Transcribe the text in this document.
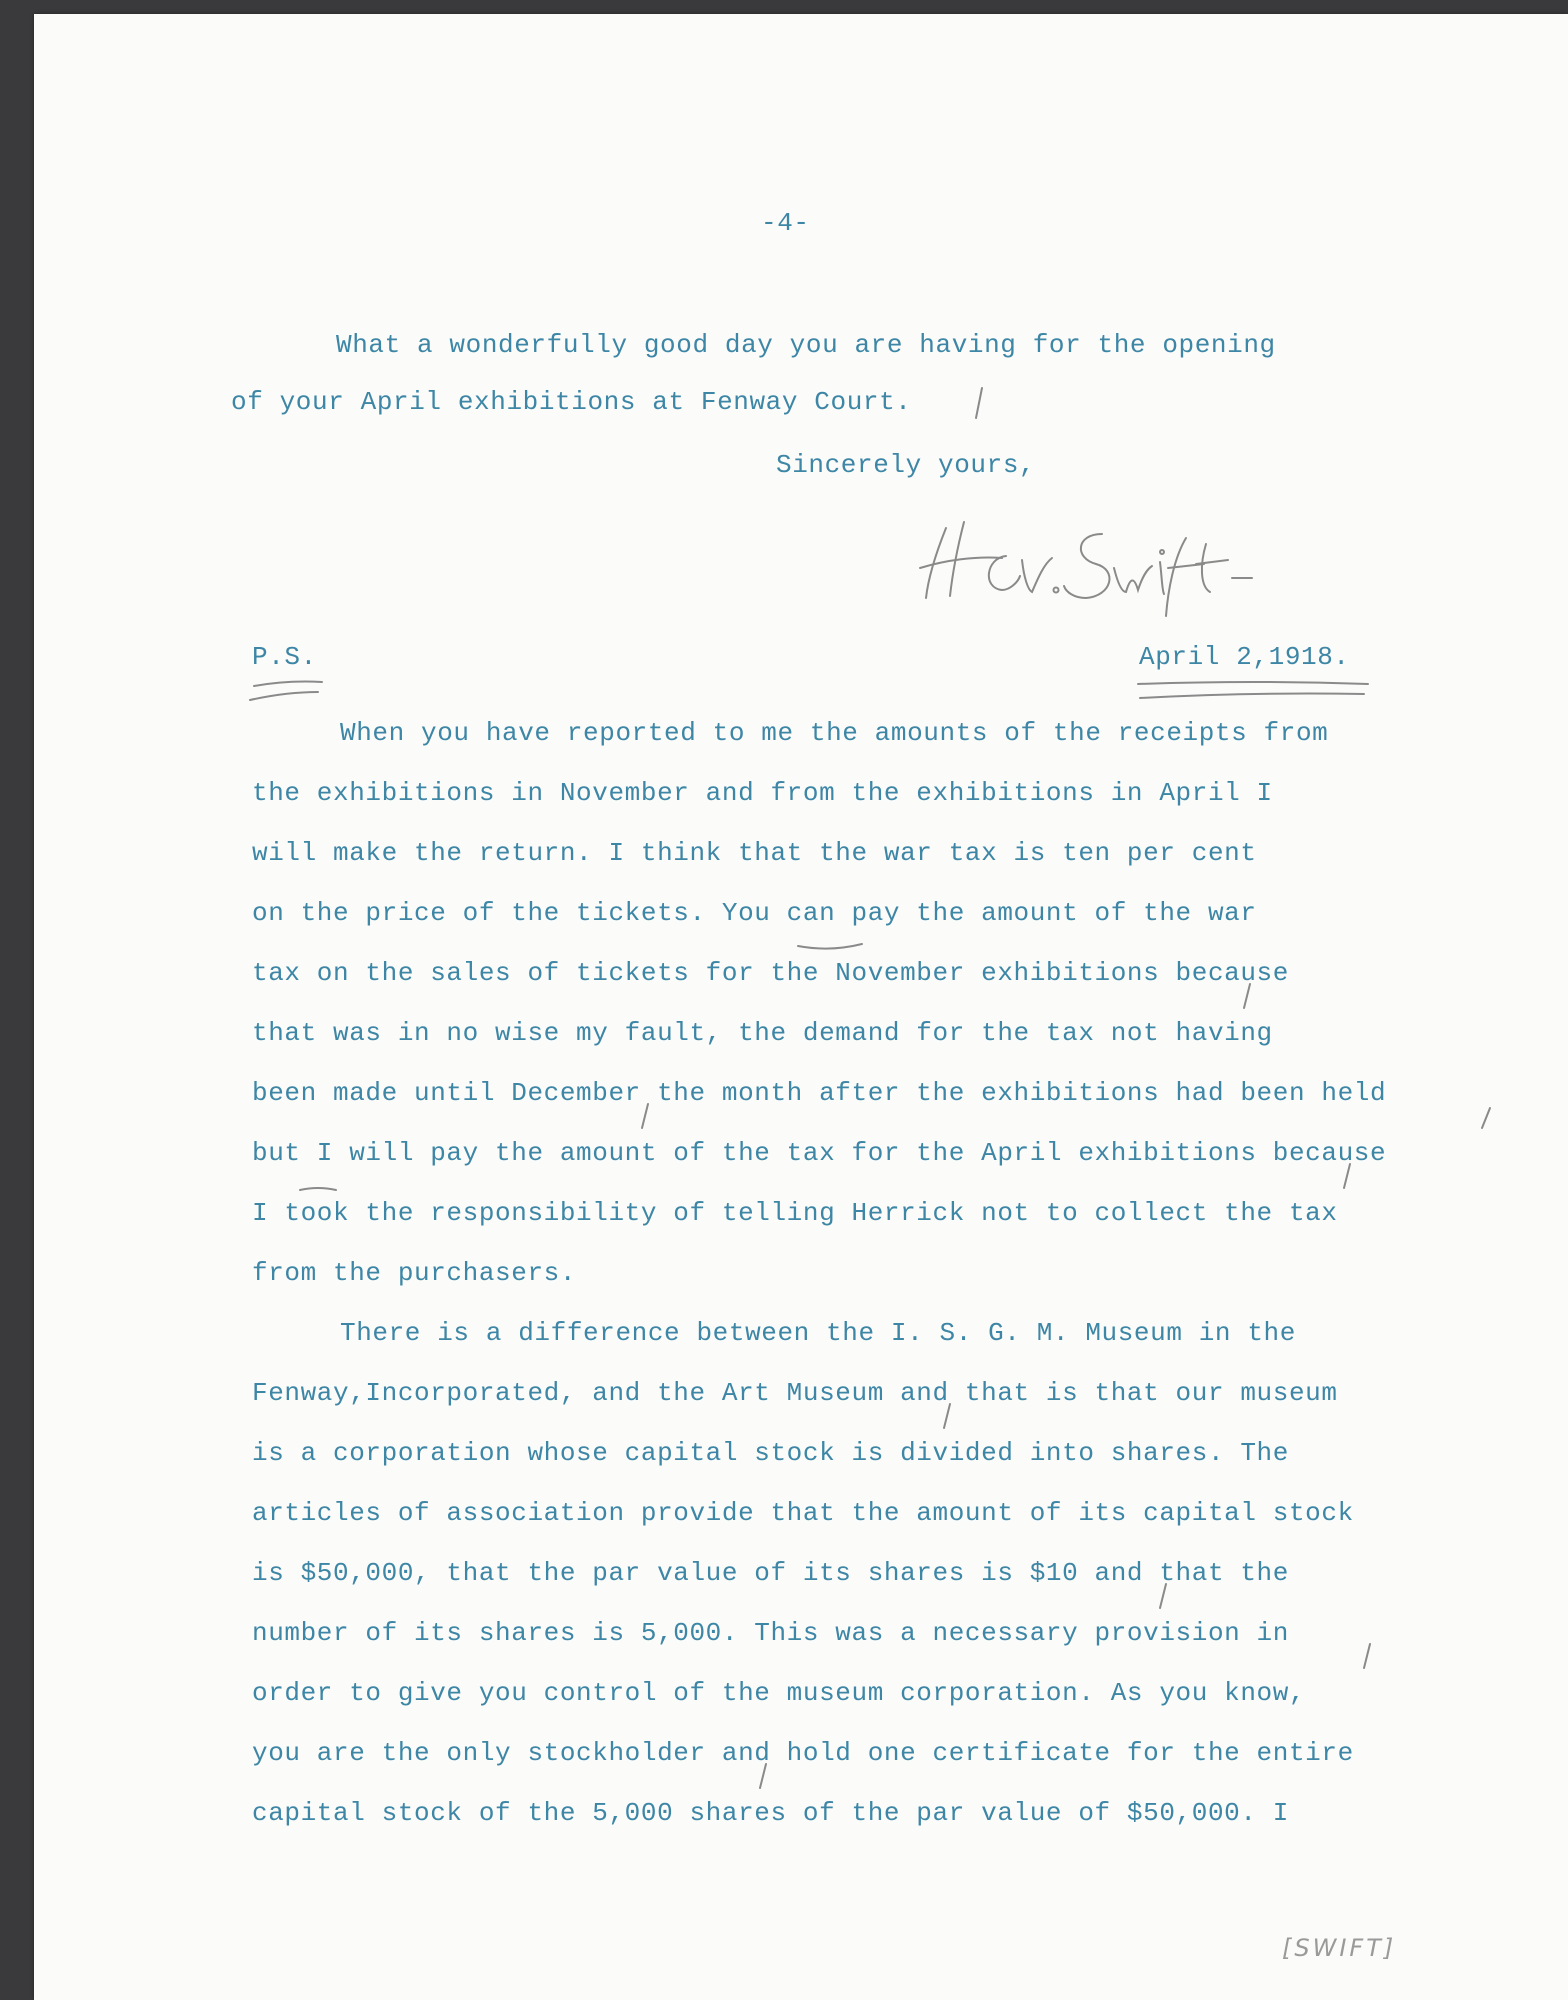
-4-
What a wonderfully good day you are having for the opening
of your April exhibitions at Fenway Court.
Sincerely yours,
P.S.	April 2,1918.
When you have reported to me the amounts of the receipts from
the exhibitions in November and from the exhibitions in April I
will make the return. I think that the war tax is ten per cent
on the price of the tickets. You can pay the amount of the war
tax on the sales of tickets for the November exhibitions because
that was in no wise my fault, the demand for the tax not having
been made until December the month after the exhibitions had been held
but I will pay the amount of the tax for the April exhibitions because
I took the responsibility of telling Herrick not to collect the tax
from the purchasers.
There is a difference between the I. S. G. M. Museum in the
Fenway,Incorporated, and the Art Museum and that is that our museum
is a corporation whose capital stock is divided into shares. The
articles of association provide that the amount of its capital stock
is $50,000, that the par value of its shares is $10 and that the
number of its shares is 5,000. This was a necessary provision in
order to give you control of the museum corporation. As you know,
you are the only stockholder and hold one certificate for the entire
capital stock of the 5,000 shares of the par value of $50,000. I
[SWIFT]
